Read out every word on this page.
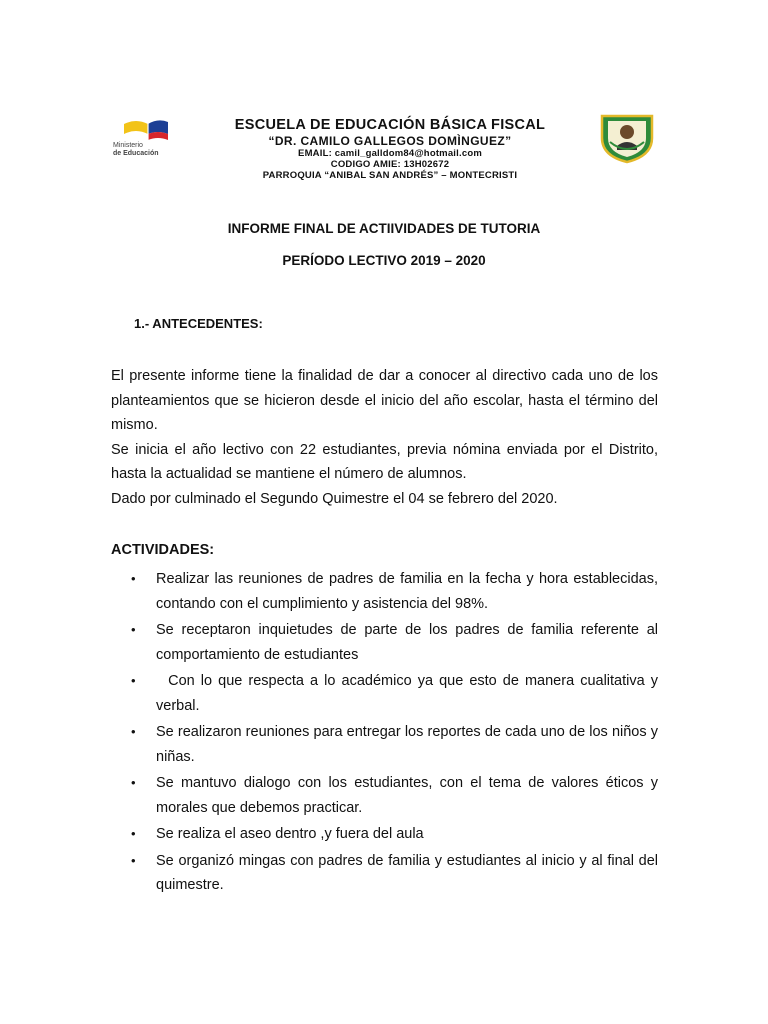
Ministerio
de Educación
ESCUELA DE EDUCACIÓN BÁSICA FISCAL
“DR. CAMILO GALLEGOS DOMÌNGUEZ”
EMAIL: camil_galldom84@hotmail.com
CODIGO AMIE: 13H02672
PARROQUIA “ANIBAL SAN ANDRÉS” – MONTECRISTI
INFORME FINAL DE ACTIIVIDADES DE TUTORIA
PERÍODO LECTIVO 2019 – 2020
1.- ANTECEDENTES:

El presente informe tiene la finalidad de dar a conocer al directivo cada uno de los planteamientos que se hicieron desde el inicio del año escolar, hasta el término del mismo.

Se inicia el año lectivo con 22 estudiantes, previa nómina enviada por el Distrito, hasta la actualidad se mantiene el número de alumnos.

Dado por culminado el Segundo Quimestre el 04 se febrero del 2020.

ACTIVIDADES:
• Realizar las reuniones de padres de familia en la fecha y hora establecidas, contando con el cumplimiento y asistencia del 98%.
• Se receptaron inquietudes de parte de los padres de familia referente al comportamiento de estudiantes
• Con lo que respecta a lo académico ya que esto de manera cualitativa y verbal.
• Se realizaron reuniones para entregar los reportes de cada uno de los niños y niñas.
• Se mantuvo dialogo con los estudiantes, con el tema de valores éticos y morales que debemos practicar.
• Se realiza el aseo dentro ,y fuera del aula
• Se organizó mingas con padres de familia y estudiantes al inicio y al final del quimestre.
